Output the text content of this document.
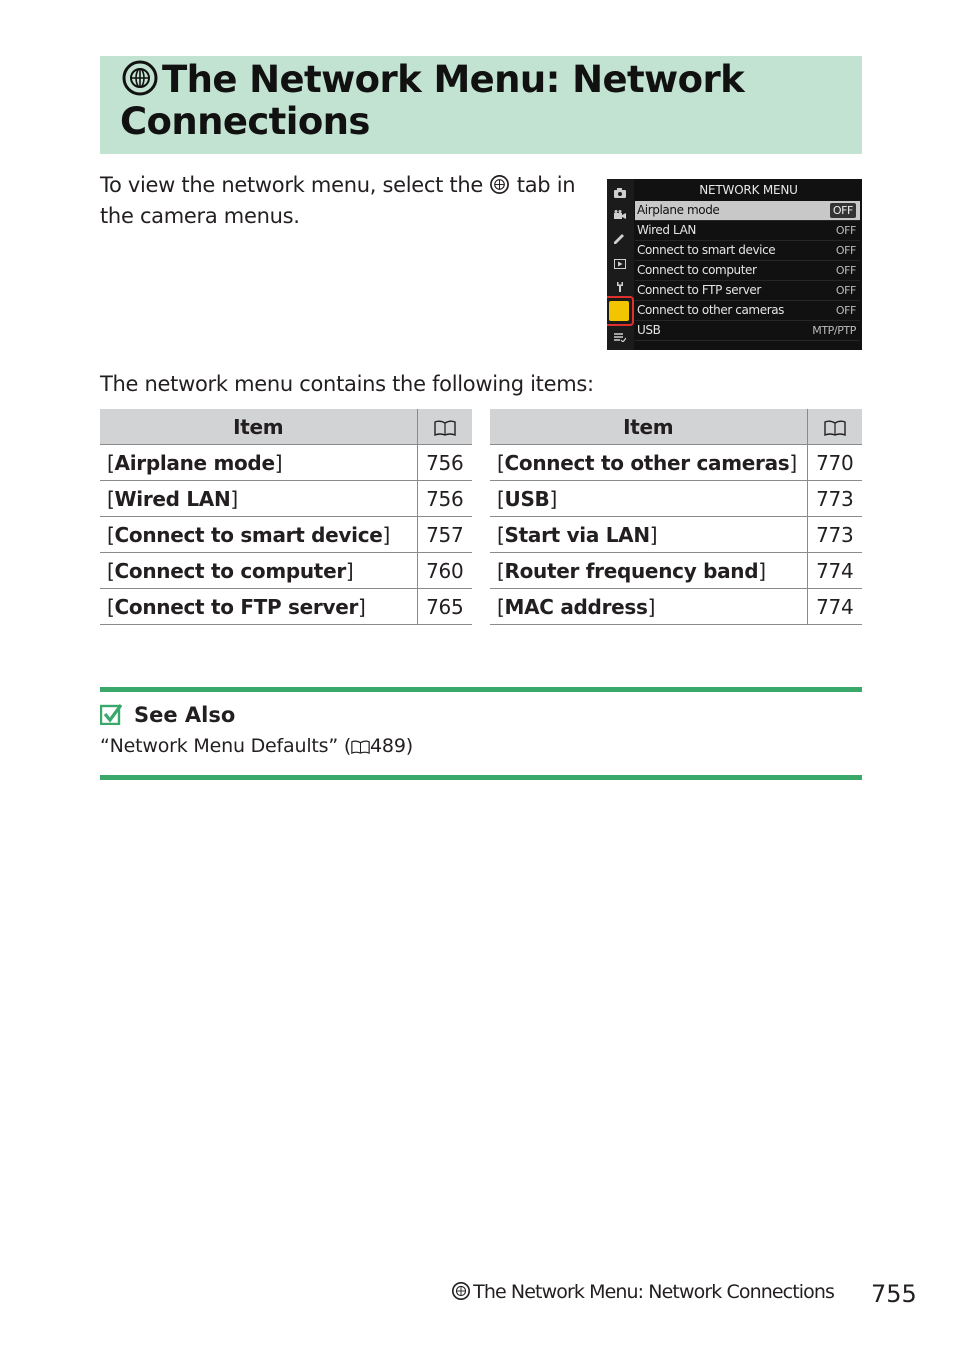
The Network Menu: Network Connections
To view the network menu, select the tab in the camera menus.
NETWORK MENU
Airplane mode	OFF
Wired LAN	OFF
Connect to smart device	OFF
Connect to computer	OFF
Connect to FTP server	OFF
Connect to other cameras	OFF
USB	MTP/PTP
The network menu contains the following items:
Item	
[Airplane mode]	756
[Wired LAN]	756
[Connect to smart device]	757
[Connect to computer]	760
[Connect to FTP server]	765
Item	
[Connect to other cameras]	770
[USB]	773
[Start via LAN]	773
[Router frequency band]	774
[MAC address]	774
See Also
“Network Menu Defaults” ( 489)
The Network Menu: Network Connections 755
